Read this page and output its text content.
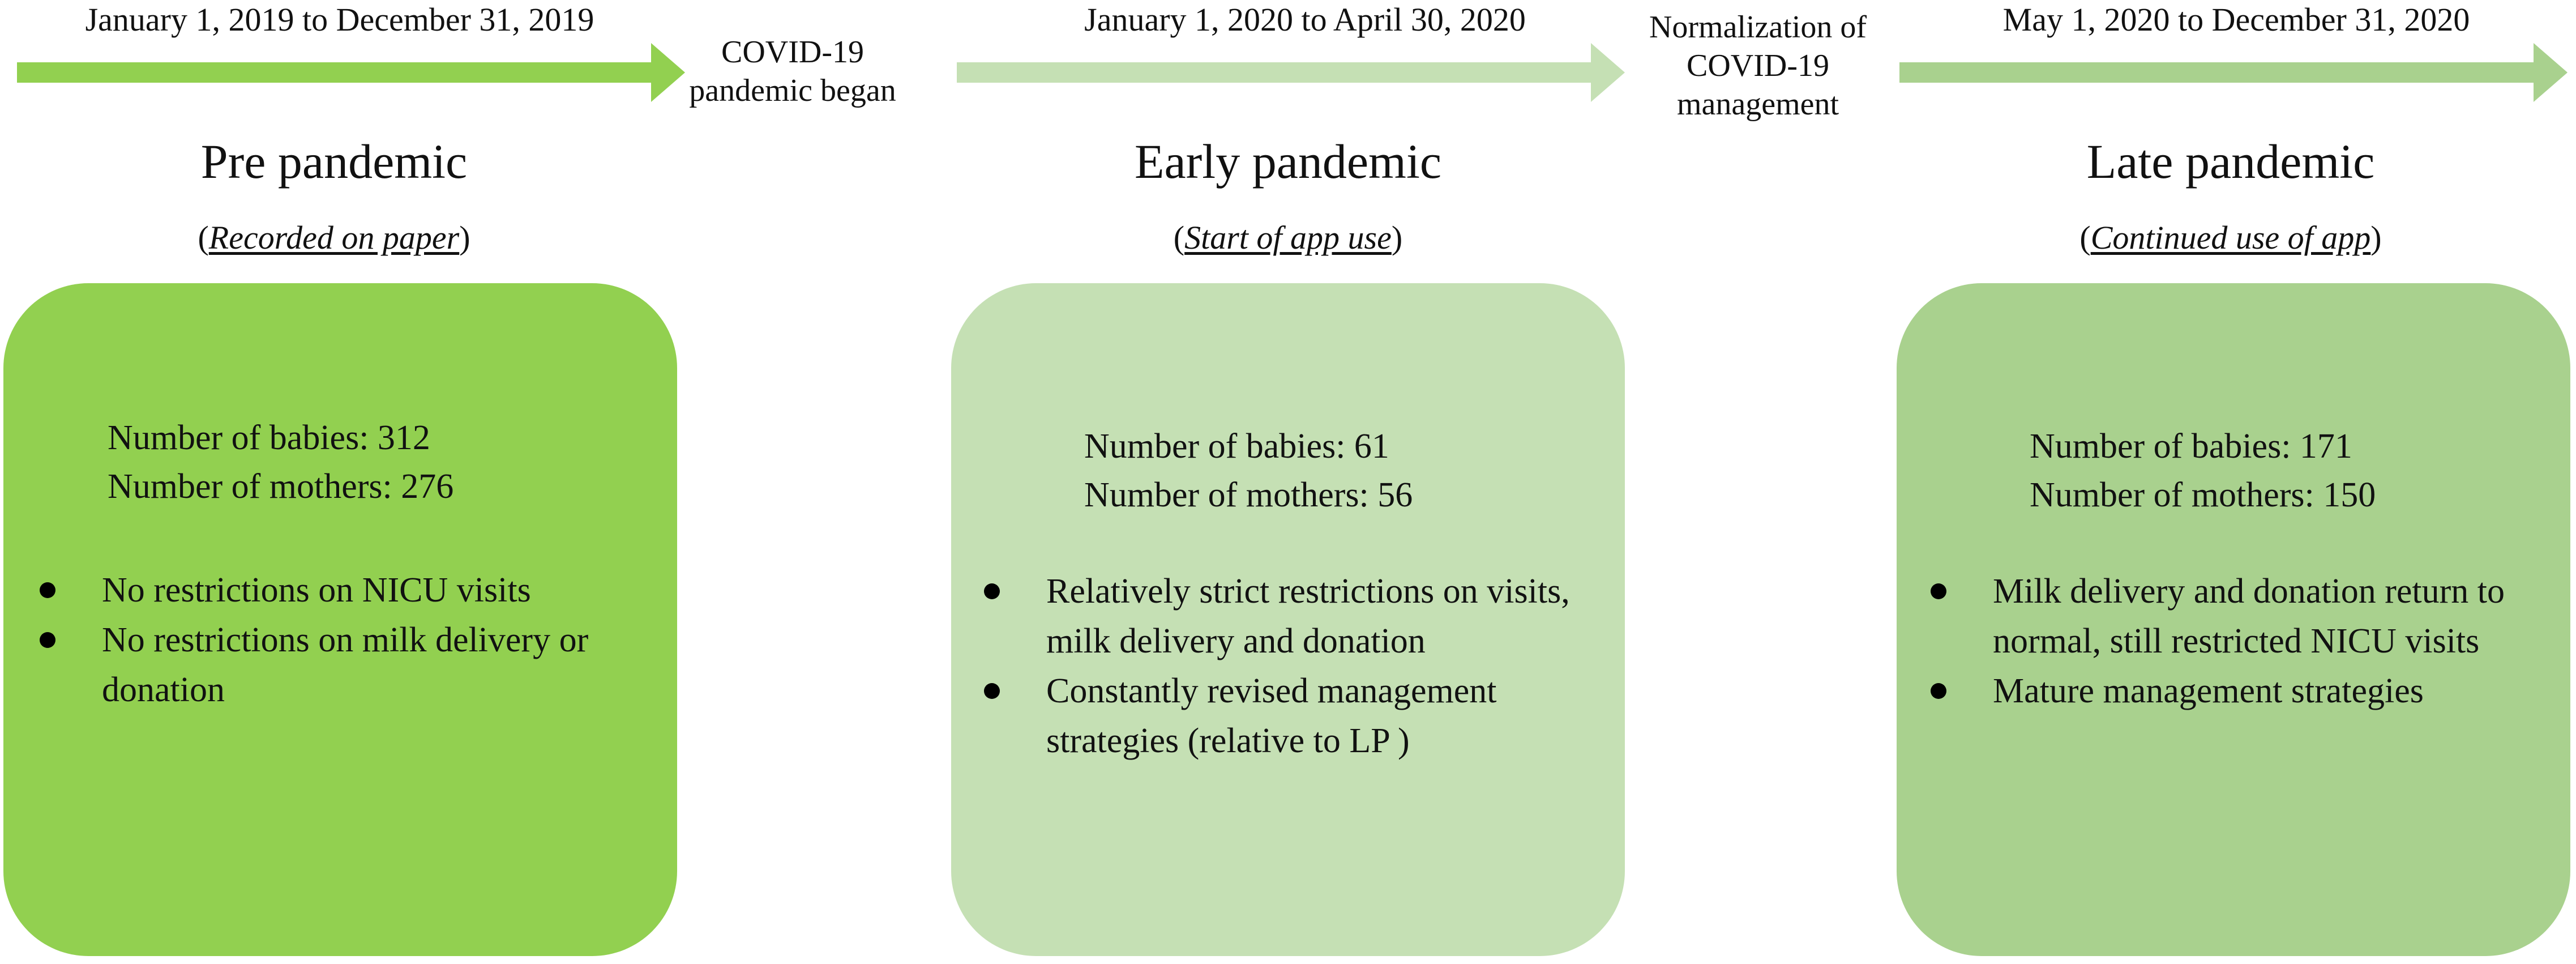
January 1, 2019 to December 31, 2019
COVID-19
pandemic began
January 1, 2020 to April 30, 2020	Normalization of
COVID-19
management
May 1, 2020 to December 31, 2020
Pre pandemic
(Recorded on paper)
Early pandemic
(Start of app use)
Late pandemic
(Continued use of app)
Number of babies: 312
Number of mothers: 276
No restrictions on NICU visits
No restrictions on milk delivery or donation
Number of babies: 61
Number of mothers: 56
Relatively strict restrictions on visits, milk delivery and donation
Constantly revised management strategies (relative to LP )
Number of babies: 171
Number of mothers: 150
Milk delivery and donation return to normal, still restricted NICU visits
Mature management strategies
